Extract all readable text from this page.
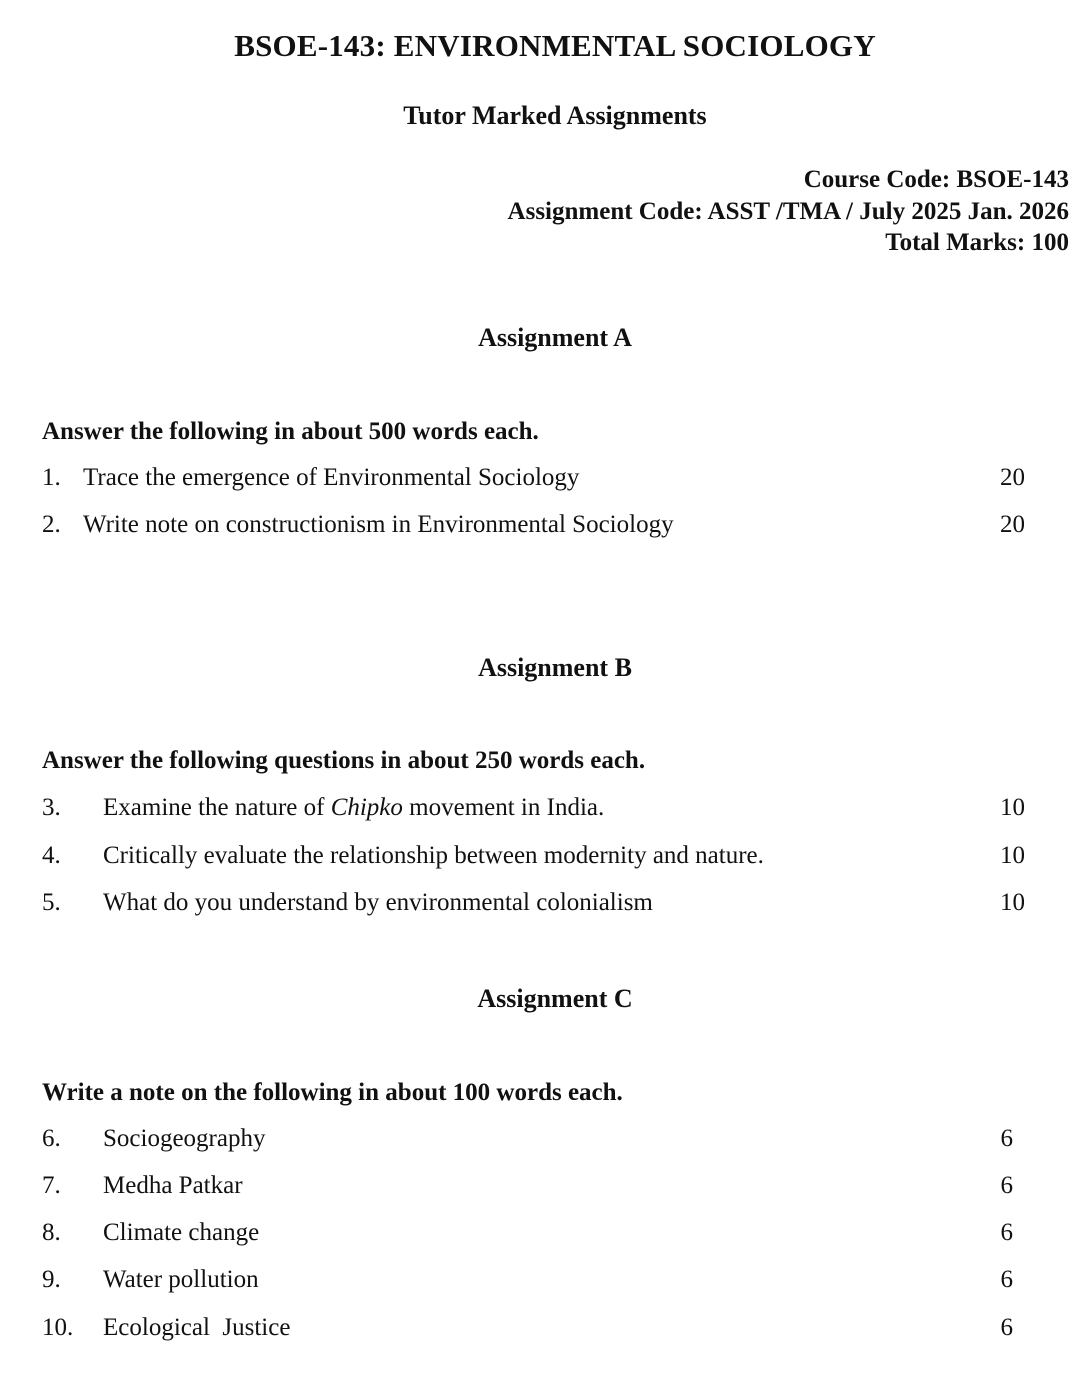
BSOE-143: ENVIRONMENTAL SOCIOLOGY
Tutor Marked Assignments
Course Code: BSOE-143
Assignment Code: ASST /TMA / July 2025 Jan. 2026
Total Marks: 100
Assignment A
Answer the following in about 500 words each.
1. Trace the emergence of Environmental Sociology	20
2. Write note on constructionism in Environmental Sociology	20
Assignment B
Answer the following questions in about 250 words each.
3. Examine the nature of Chipko movement in India.	10
4. Critically evaluate the relationship between modernity and nature.	10
5. What do you understand by environmental colonialism	10
Assignment C
Write a note on the following in about 100 words each.
6. Sociogeography	6
7. Medha Patkar	6
8. Climate change	6
9. Water pollution	6
10. Ecological  Justice	6
